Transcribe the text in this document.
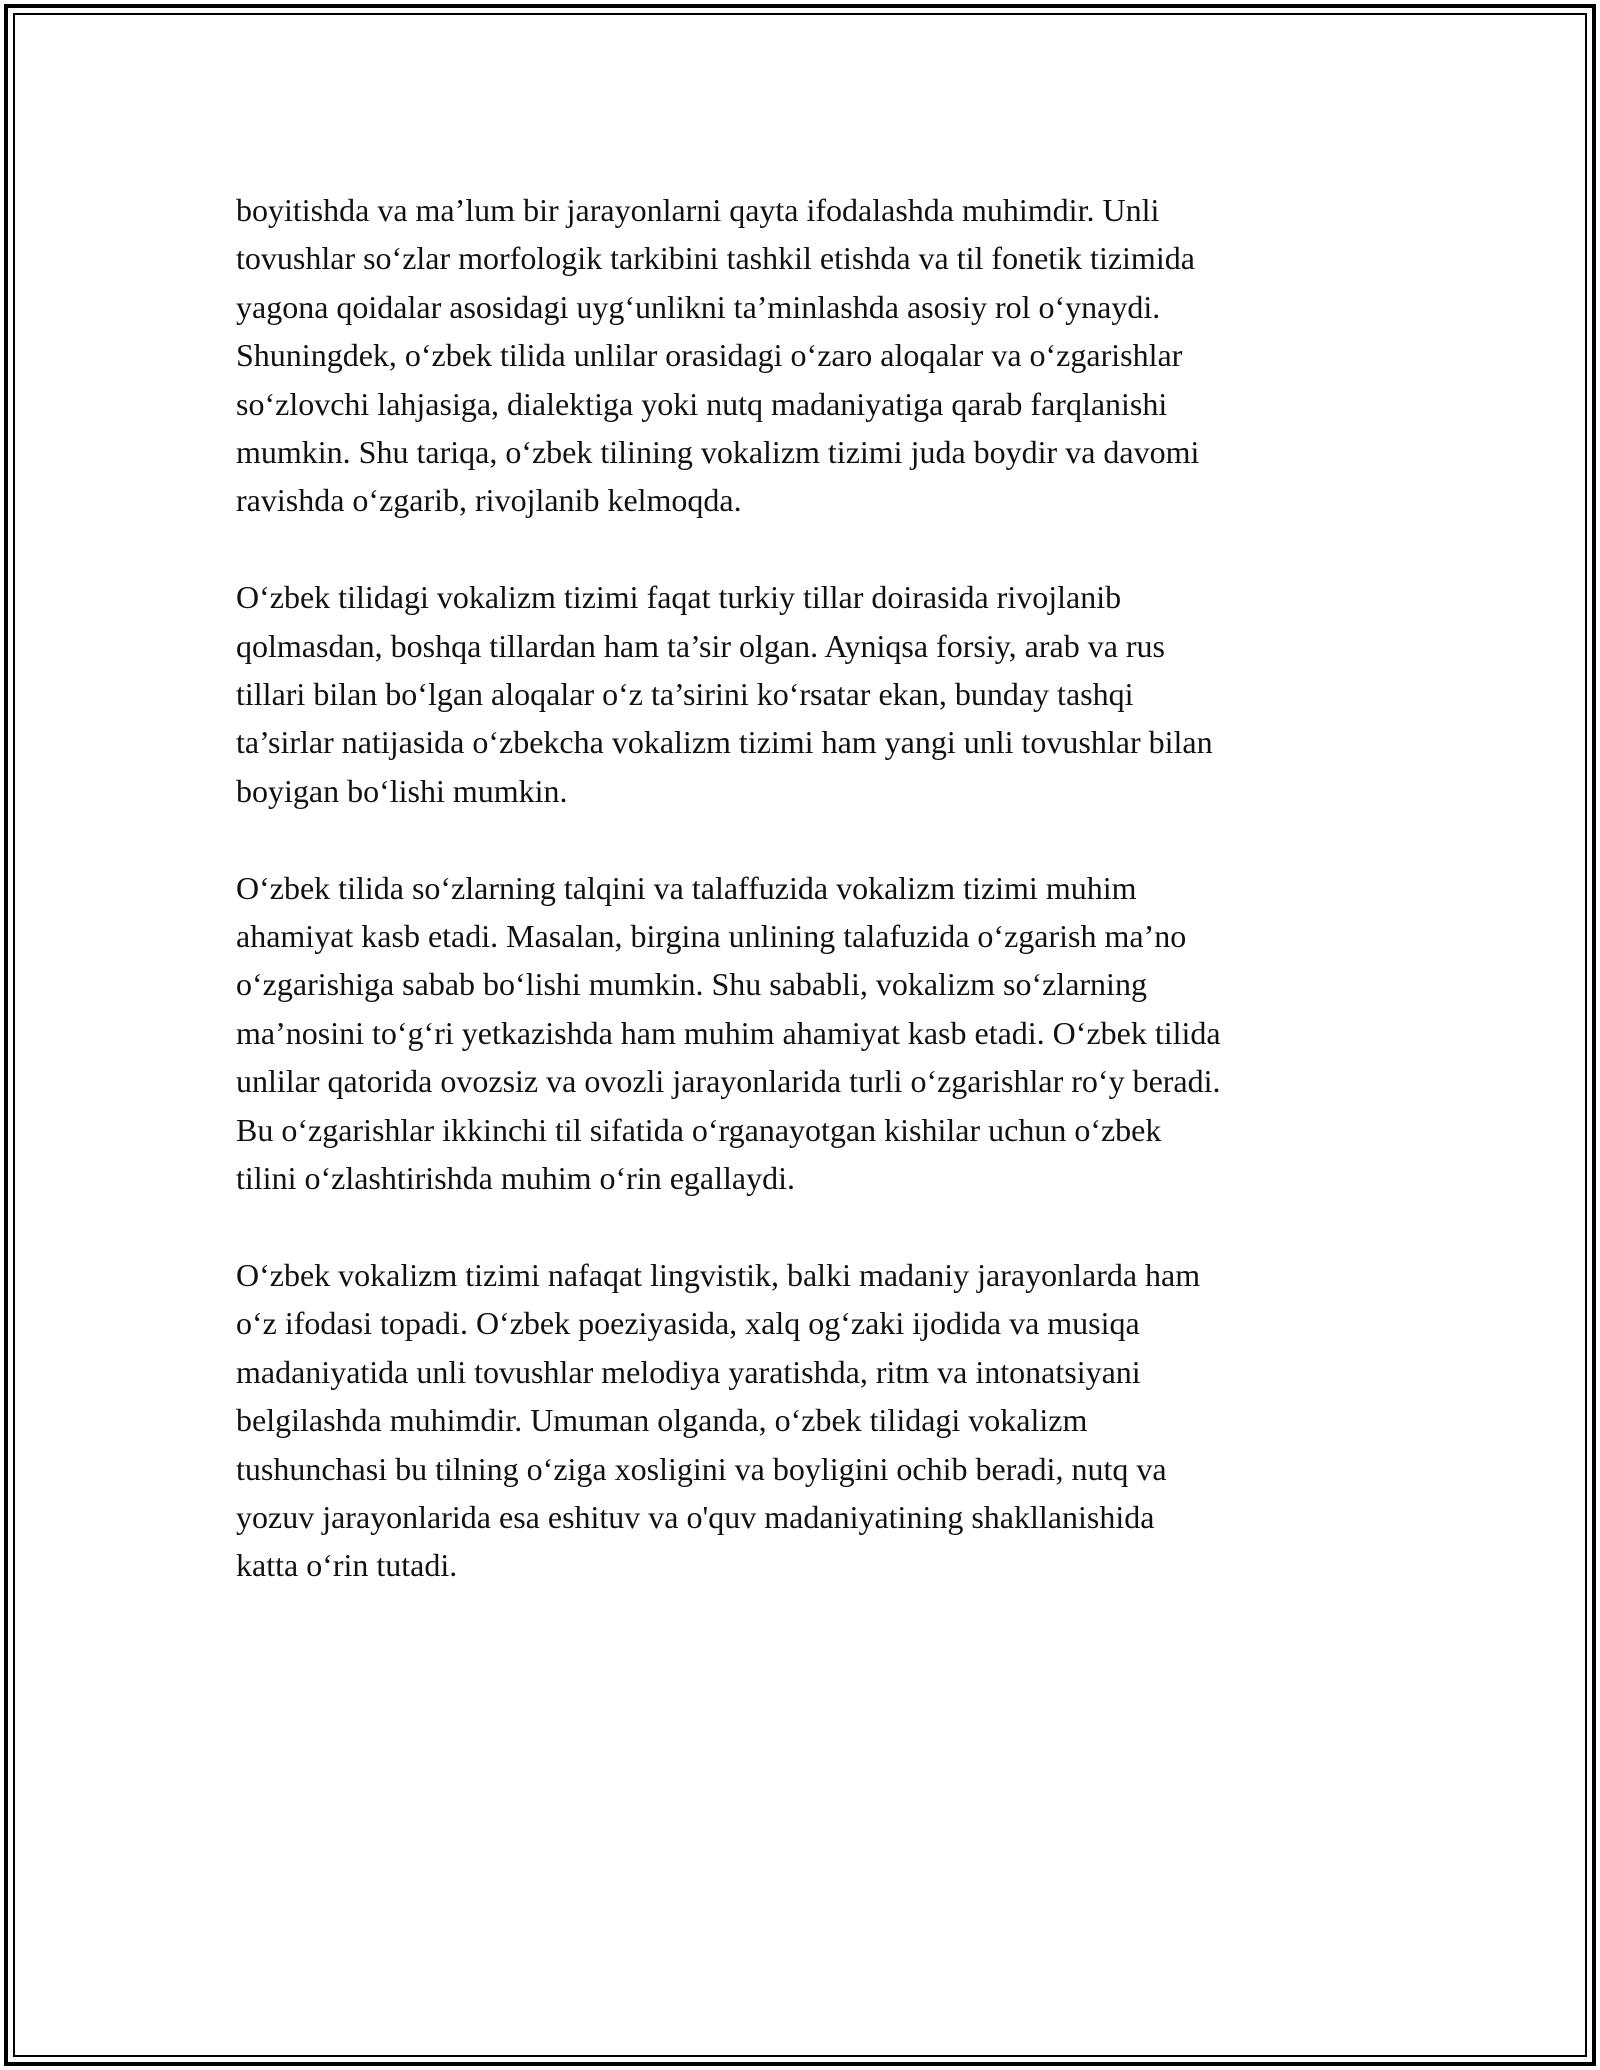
boyitishda va ma’lum bir jarayonlarni qayta ifodalashda muhimdir. Unli
tovushlar so‘zlar morfologik tarkibini tashkil etishda va til fonetik tizimida
yagona qoidalar asosidagi uyg‘unlikni ta’minlashda asosiy rol o‘ynaydi.
Shuningdek, o‘zbek tilida unlilar orasidagi o‘zaro aloqalar va o‘zgarishlar
so‘zlovchi lahjasiga, dialektiga yoki nutq madaniyatiga qarab farqlanishi
mumkin. Shu tariqa, o‘zbek tilining vokalizm tizimi juda boydir va davomi
ravishda o‘zgarib, rivojlanib kelmoqda.

O‘zbek tilidagi vokalizm tizimi faqat turkiy tillar doirasida rivojlanib
qolmasdan, boshqa tillardan ham ta’sir olgan. Ayniqsa forsiy, arab va rus
tillari bilan bo‘lgan aloqalar o‘z ta’sirini ko‘rsatar ekan, bunday tashqi
ta’sirlar natijasida o‘zbekcha vokalizm tizimi ham yangi unli tovushlar bilan
boyigan bo‘lishi mumkin.

O‘zbek tilida so‘zlarning talqini va talaffuzida vokalizm tizimi muhim
ahamiyat kasb etadi. Masalan, birgina unlining talafuzida o‘zgarish ma’no
o‘zgarishiga sabab bo‘lishi mumkin. Shu sababli, vokalizm so‘zlarning
ma’nosini to‘g‘ri yetkazishda ham muhim ahamiyat kasb etadi. O‘zbek tilida
unlilar qatorida ovozsiz va ovozli jarayonlarida turli o‘zgarishlar ro‘y beradi.
Bu o‘zgarishlar ikkinchi til sifatida o‘rganayotgan kishilar uchun o‘zbek
tilini o‘zlashtirishda muhim o‘rin egallaydi.

O‘zbek vokalizm tizimi nafaqat lingvistik, balki madaniy jarayonlarda ham
o‘z ifodasi topadi. O‘zbek poeziyasida, xalq og‘zaki ijodida va musiqa
madaniyatida unli tovushlar melodiya yaratishda, ritm va intonatsiyani
belgilashda muhimdir. Umuman olganda, o‘zbek tilidagi vokalizm
tushunchasi bu tilning o‘ziga xosligini va boyligini ochib beradi, nutq va
yozuv jarayonlarida esa eshituv va o'quv madaniyatining shakllanishida
katta o‘rin tutadi.
